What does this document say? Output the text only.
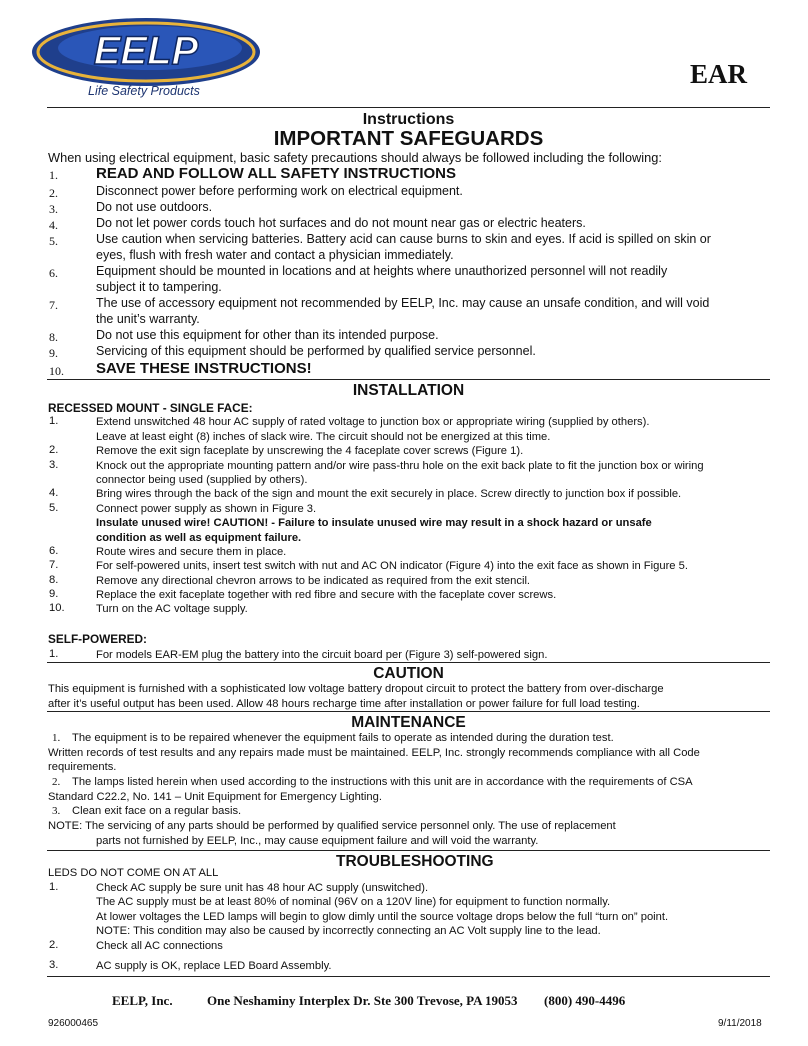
EELP
Life Safety Products
EAR
Instructions
IMPORTANT SAFEGUARDS
When using electrical equipment, basic safety precautions should always be followed including the following:
1.	READ AND FOLLOW ALL SAFETY INSTRUCTIONS
2.	Disconnect power before performing work on electrical equipment.
3.	Do not use outdoors.
4.	Do not let power cords touch hot surfaces and do not mount near gas or electric heaters.
5.	Use caution when servicing batteries. Battery acid can cause burns to skin and eyes. If acid is spilled on skin or
eyes, flush with fresh water and contact a physician immediately.
6.	Equipment should be mounted in locations and at heights where unauthorized personnel will not readily
subject it to tampering.
7.	The use of accessory equipment not recommended by EELP, Inc. may cause an unsafe condition, and will void
the unit’s warranty.
8.	Do not use this equipment for other than its intended purpose.
9.	Servicing of this equipment should be performed by qualified service personnel.
10. SAVE THESE INSTRUCTIONS!
INSTALLATION
RECESSED MOUNT - SINGLE FACE:
1.	Extend unswitched 48 hour AC supply of rated voltage to junction box or appropriate wiring (supplied by others).
Leave at least eight (8) inches of slack wire. The circuit should not be energized at this time.
2.	Remove the exit sign faceplate by unscrewing the 4 faceplate cover screws (Figure 1).
3.	Knock out the appropriate mounting pattern and/or wire pass-thru hole on the exit back plate to fit the junction box or wiring
connector being used (supplied by others).
4.	Bring wires through the back of the sign and mount the exit securely in place. Screw directly to junction box if possible.
5.	Connect power supply as shown in Figure 3.
Insulate unused wire! CAUTION! - Failure to insulate unused wire may result in a shock hazard or unsafe
condition as well as equipment failure.
6.	Route wires and secure them in place.
7.	For self-powered units, insert test switch with nut and AC ON indicator (Figure 4) into the exit face as shown in Figure 5.
8.	Remove any directional chevron arrows to be indicated as required from the exit stencil.
9.	Replace the exit faceplate together with red fibre and secure with the faceplate cover screws.
10.	Turn on the AC voltage supply.
SELF-POWERED:
1.	For models EAR-EM plug the battery into the circuit board per (Figure 3) self-powered sign.
CAUTION
This equipment is furnished with a sophisticated low voltage battery dropout circuit to protect the battery from over-discharge
after it’s useful output has been used. Allow 48 hours recharge time after installation or power failure for full load testing.
MAINTENANCE
1. The equipment is to be repaired whenever the equipment fails to operate as intended during the duration test.
Written records of test results and any repairs made must be maintained. EELP, Inc. strongly recommends compliance with all Code
requirements.
2. The lamps listed herein when used according to the instructions with this unit are in accordance with the requirements of CSA
Standard C22.2, No. 141 – Unit Equipment for Emergency Lighting.
3. Clean exit face on a regular basis.
NOTE: The servicing of any parts should be performed by qualified service personnel only. The use of replacement
parts not furnished by EELP, Inc., may cause equipment failure and will void the warranty.
TROUBLESHOOTING
LEDS DO NOT COME ON AT ALL
1.	Check AC supply be sure unit has 48 hour AC supply (unswitched).
The AC supply must be at least 80% of nominal (96V on a 120V line) for equipment to function normally.
At lower voltages the LED lamps will begin to glow dimly until the source voltage drops below the full “turn on” point.
NOTE: This condition may also be caused by incorrectly connecting an AC Volt supply line to the lead.
2.	Check all AC connections
3.	AC supply is OK, replace LED Board Assembly.
EELP, Inc.	One Neshaminy Interplex Dr. Ste 300 Trevose, PA 19053 (800) 490-4496
926000465	9/11/2018
